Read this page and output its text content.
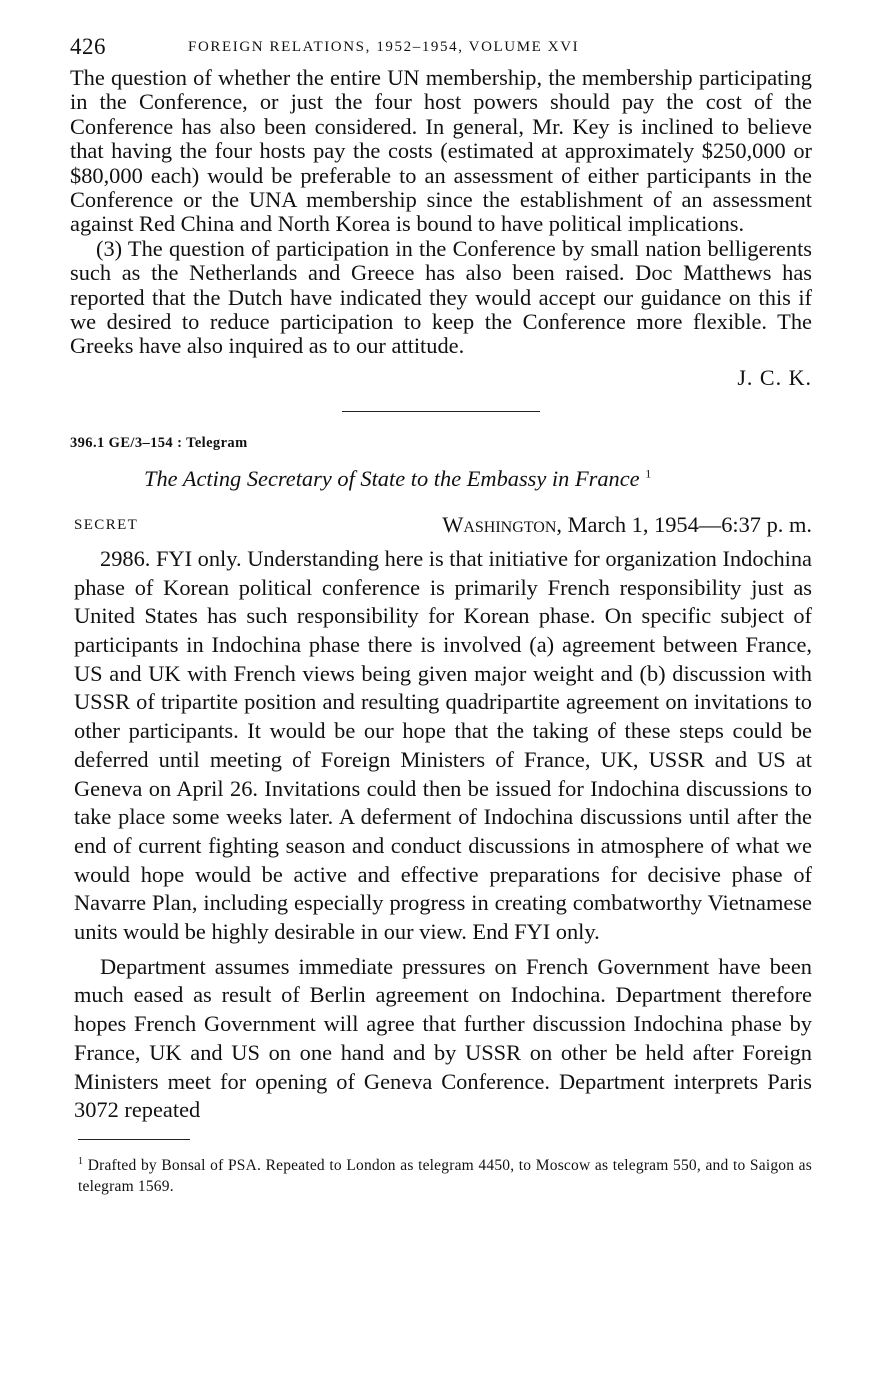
426	FOREIGN RELATIONS, 1952–1954, VOLUME XVI

The question of whether the entire UN membership, the membership participating in the Conference, or just the four host powers should pay the cost of the Conference has also been considered. In general, Mr. Key is inclined to believe that having the four hosts pay the costs (estimated at approximately $250,000 or $80,000 each) would be preferable to an assessment of either participants in the Conference or the UNA membership since the establishment of an assessment against Red China and North Korea is bound to have political implications.

(3) The question of participation in the Conference by small nation belligerents such as the Netherlands and Greece has also been raised. Doc Matthews has reported that the Dutch have indicated they would accept our guidance on this if we desired to reduce participation to keep the Conference more flexible. The Greeks have also inquired as to our attitude.

J. C. K.
396.1 GE/3–154 : Telegram
The Acting Secretary of State to the Embassy in France $^1$
SECRET	Washington, March 1, 1954—6:37 p. m.

2986. FYI only. Understanding here is that initiative for organization Indochina phase of Korean political conference is primarily French responsibility just as United States has such responsibility for Korean phase. On specific subject of participants in Indochina phase there is involved (a) agreement between France, US and UK with French views being given major weight and (b) discussion with USSR of tripartite position and resulting quadripartite agreement on invitations to other participants. It would be our hope that the taking of these steps could be deferred until meeting of Foreign Ministers of France, UK, USSR and US at Geneva on April 26. Invitations could then be issued for Indochina discussions to take place some weeks later. A deferment of Indochina discussions until after the end of current fighting season and conduct discussions in atmosphere of what we would hope would be active and effective preparations for decisive phase of Navarre Plan, including especially progress in creating combatworthy Vietnamese units would be highly desirable in our view. End FYI only.

Department assumes immediate pressures on French Government have been much eased as result of Berlin agreement on Indochina. Department therefore hopes French Government will agree that further discussion Indochina phase by France, UK and US on one hand and by USSR on other be held after Foreign Ministers meet for opening of Geneva Conference. Department interprets Paris 3072 repeated

$^1$ Drafted by Bonsal of PSA. Repeated to London as telegram 4450, to Moscow as telegram 550, and to Saigon as telegram 1569.
